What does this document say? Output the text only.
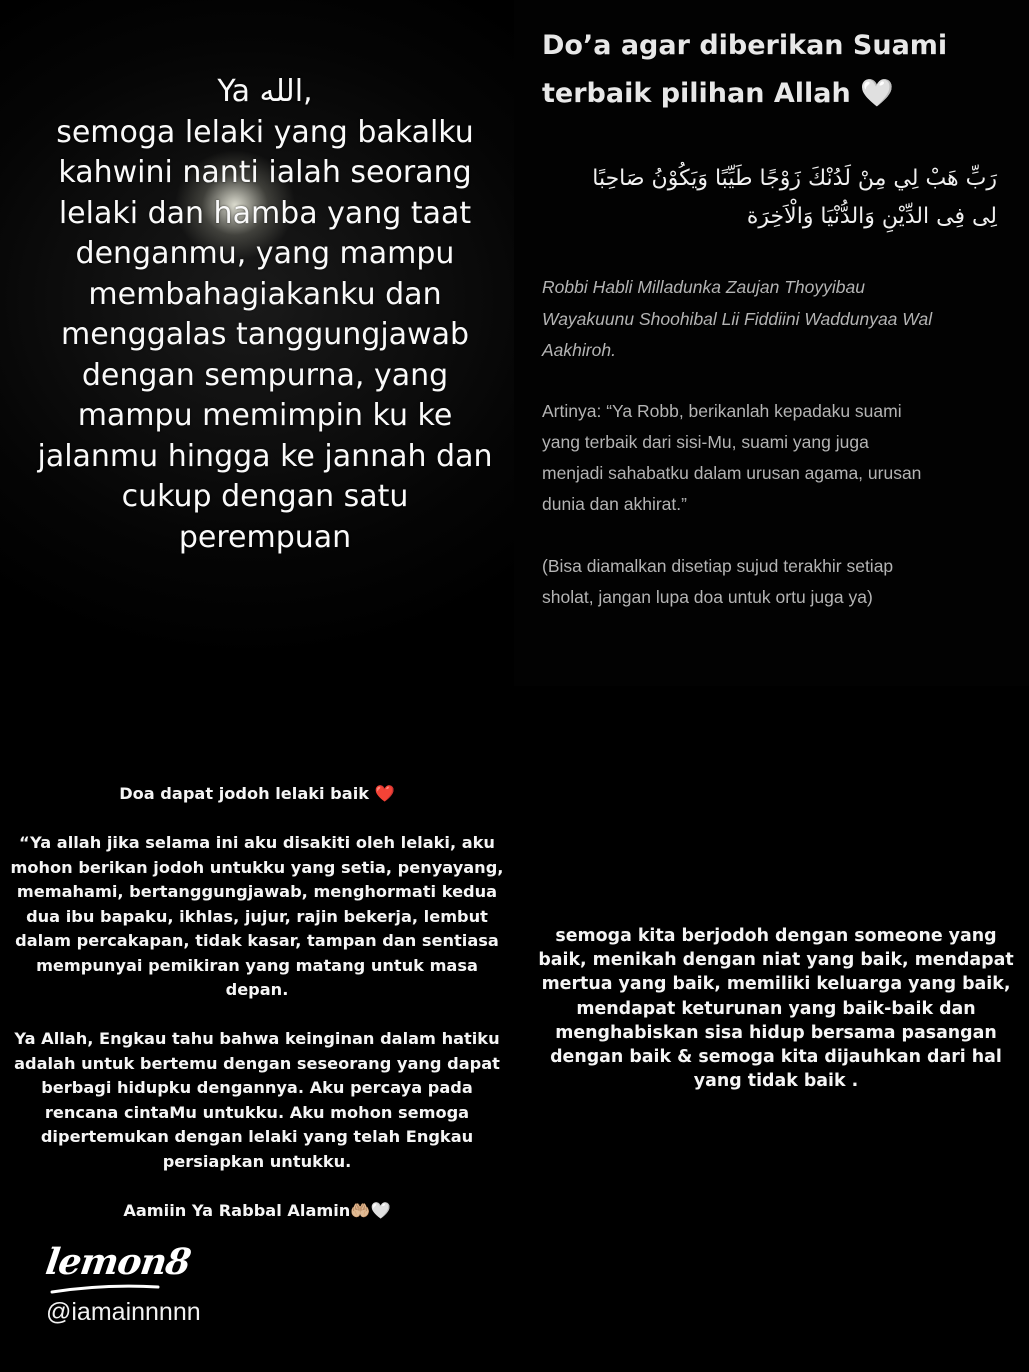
Ya الله,
semoga lelaki yang bakalku
kahwini nanti ialah seorang
lelaki dan hamba yang taat
denganmu, yang mampu
membahagiakanku dan
menggalas tanggungjawab
dengan sempurna, yang
mampu memimpin ku ke
jalanmu hingga ke jannah dan
cukup dengan satu
perempuan
Do’a agar diberikan Suami
terbaik pilihan Allah 🤍
رَبِّ هَبْ لِي مِنْ لَدُنْكَ زَوْجًا طَيِّبًا وَيَكُوْنُ صَاحِبًا
لِى فِى الدِّيْنِ وَالدُّنْيَا وَالْاَخِرَة
Robbi Habli Milladunka Zaujan Thoyyibau
Wayakuunu Shoohibal Lii Fiddiini Waddunyaa Wal
Aakhiroh.
Artinya: “Ya Robb, berikanlah kepadaku suami
yang terbaik dari sisi-Mu, suami yang juga
menjadi sahabatku dalam urusan agama, urusan
dunia dan akhirat.”
(Bisa diamalkan disetiap sujud terakhir setiap
sholat, jangan lupa doa untuk ortu juga ya)
Doa dapat jodoh lelaki baik ❤️
“Ya allah jika selama ini aku disakiti oleh lelaki, aku
mohon berikan jodoh untukku yang setia, penyayang,
memahami, bertanggungjawab, menghormati kedua
dua ibu bapaku, ikhlas, jujur, rajin bekerja, lembut
dalam percakapan, tidak kasar, tampan dan sentiasa
mempunyai pemikiran yang matang untuk masa
depan.
Ya Allah, Engkau tahu bahwa keinginan dalam hatiku
adalah untuk bertemu dengan seseorang yang dapat
berbagi hidupku dengannya. Aku percaya pada
rencana cintaMu untukku. Aku mohon semoga
dipertemukan dengan lelaki yang telah Engkau
persiapkan untukku.
Aamiin Ya Rabbal Alamin🤲🏼🤍
lemon8
@iamainnnnn
semoga kita berjodoh dengan someone yang
baik, menikah dengan niat yang baik, mendapat
mertua yang baik, memiliki keluarga yang baik,
mendapat keturunan yang baik-baik dan
menghabiskan sisa hidup bersama pasangan
dengan baik & semoga kita dijauhkan dari hal
yang tidak baik .
